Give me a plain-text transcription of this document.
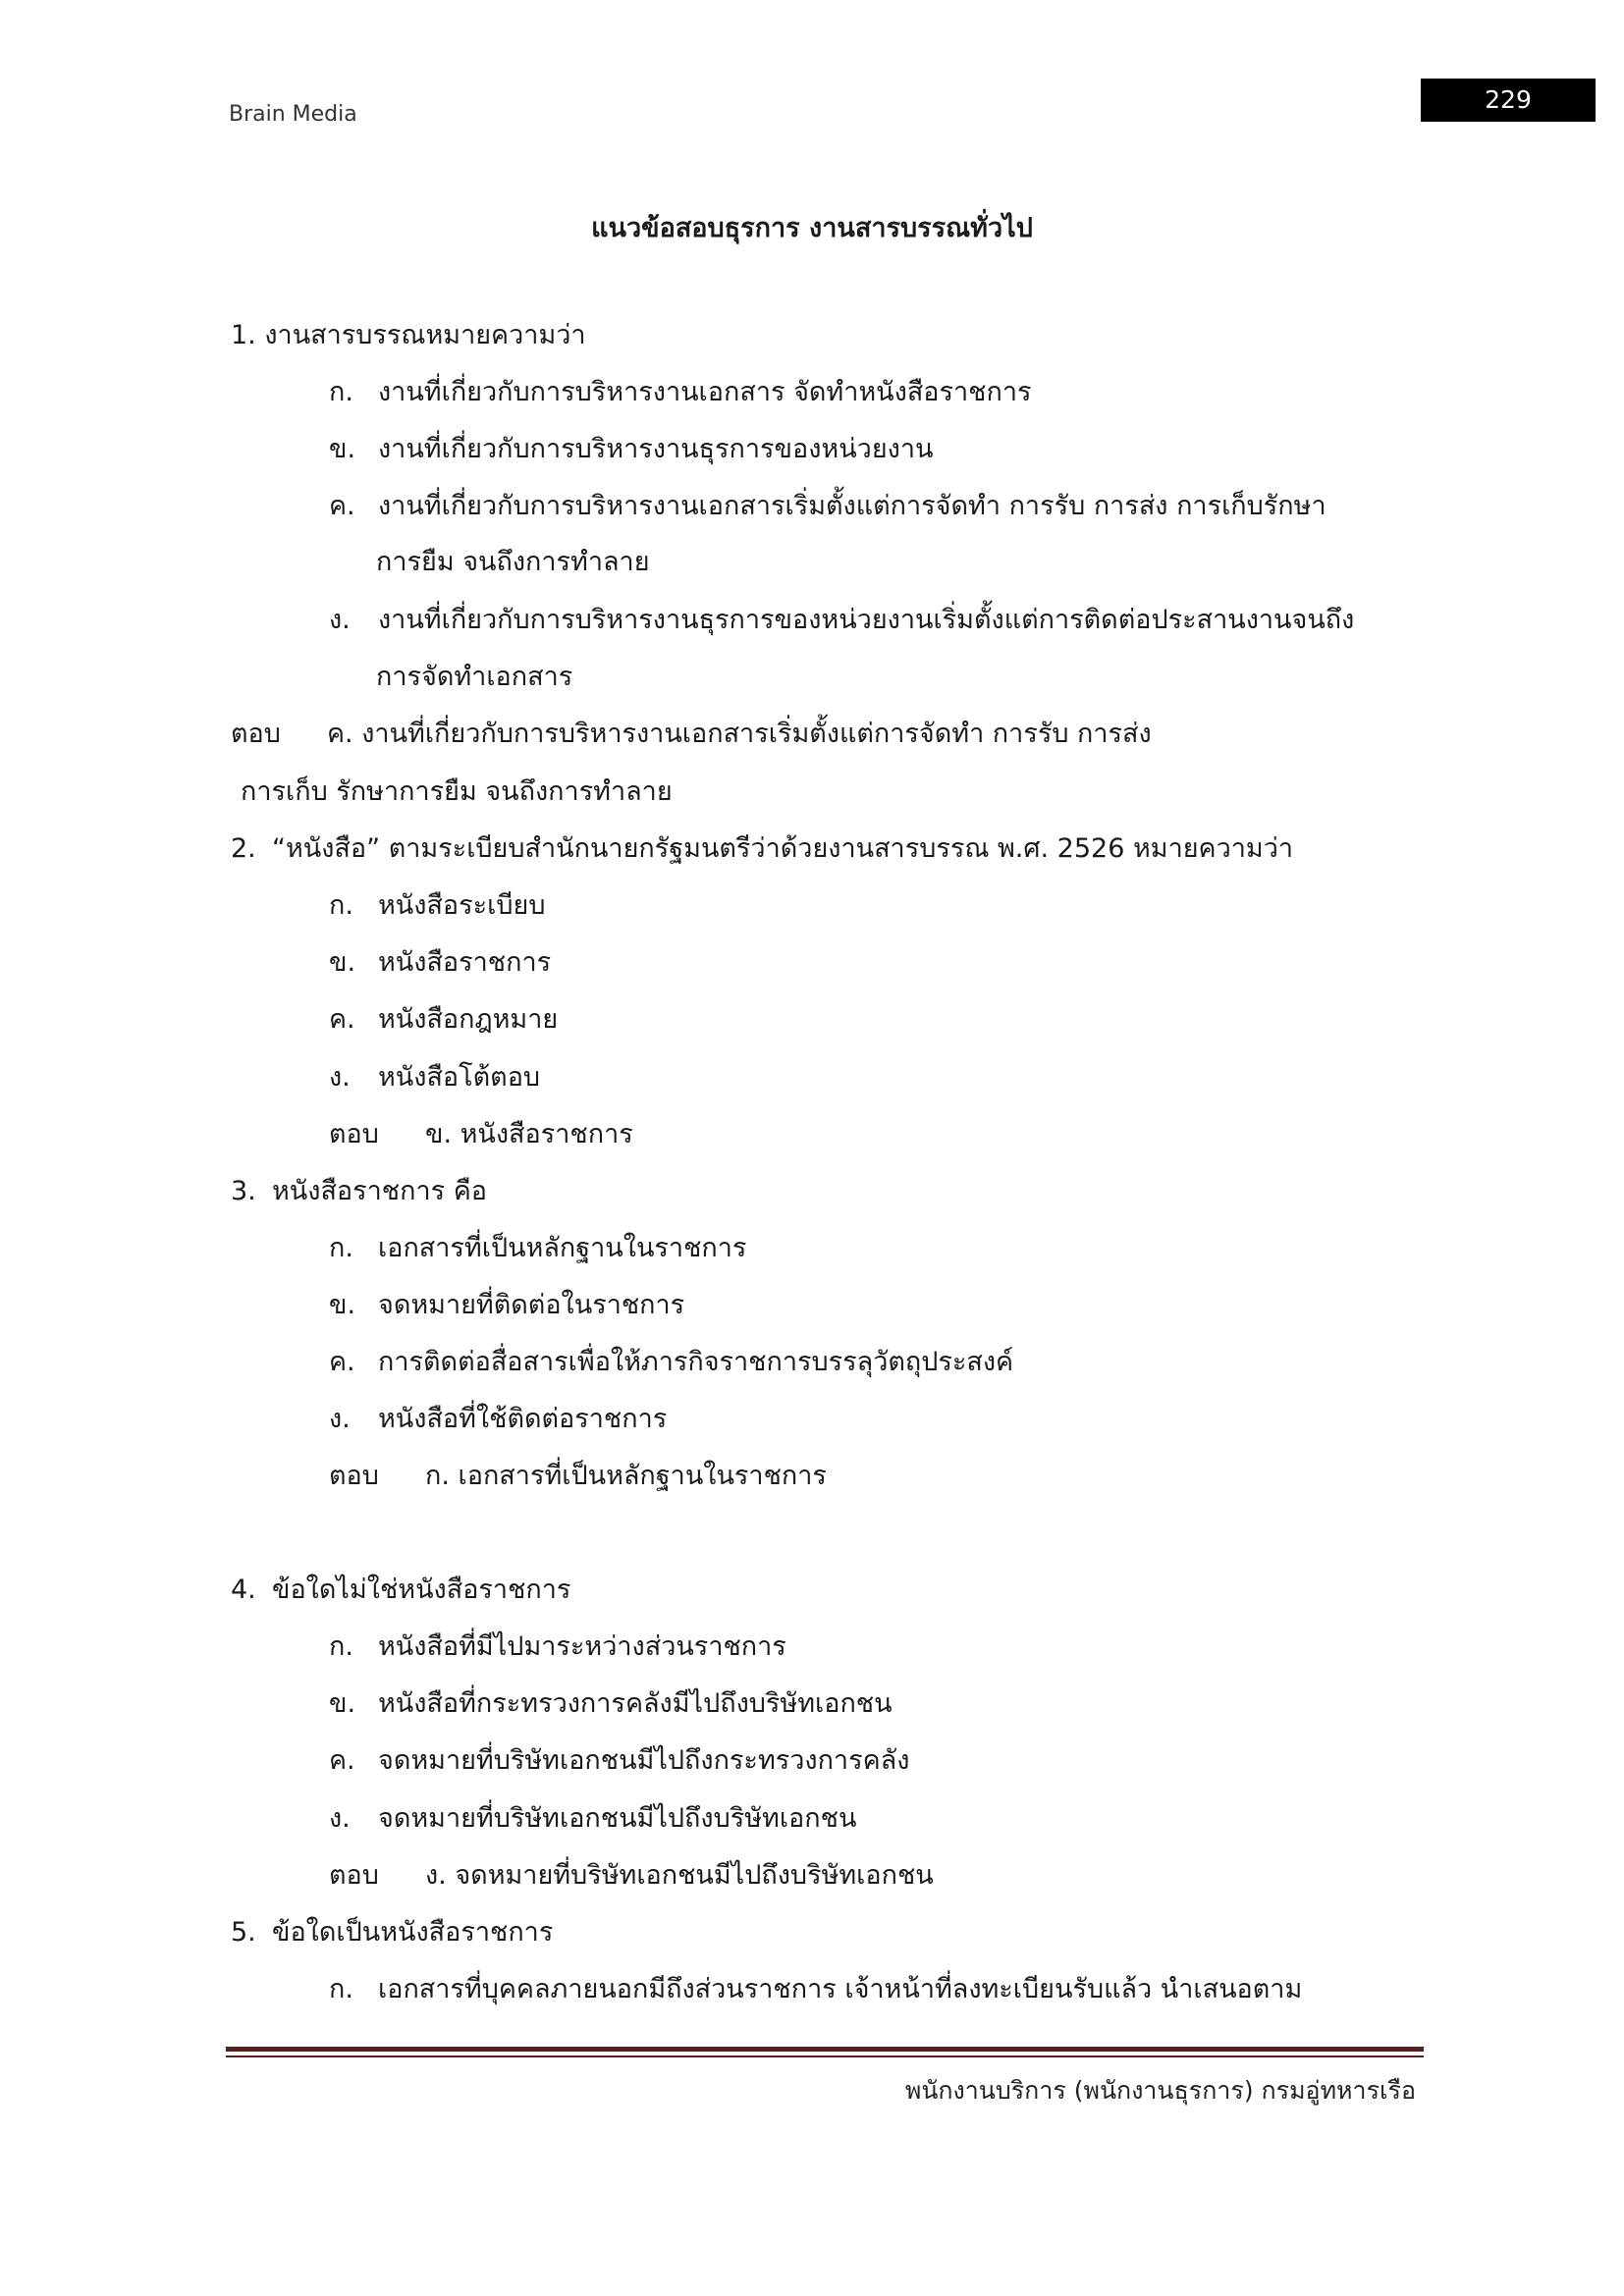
Brain Media
229
แนวข้อสอบธุรการ งานสารบรรณทั่วไป
1. งานสารบรรณหมายความว่า
ก. งานที่เกี่ยวกับการบริหารงานเอกสาร จัดทำหนังสือราชการ
ข. งานที่เกี่ยวกับการบริหารงานธุรการของหน่วยงาน
ค. งานที่เกี่ยวกับการบริหารงานเอกสารเริ่มตั้งแต่การจัดทำ การรับ การส่ง การเก็บรักษา
การยืม จนถึงการทำลาย
ง. งานที่เกี่ยวกับการบริหารงานธุรการของหน่วยงานเริ่มตั้งแต่การติดต่อประสานงานจนถึง
การจัดทำเอกสาร
ตอบ ค. งานที่เกี่ยวกับการบริหารงานเอกสารเริ่มตั้งแต่การจัดทำ การรับ การส่ง
การเก็บ รักษาการยืม จนถึงการทำลาย
2. “หนังสือ” ตามระเบียบสำนักนายกรัฐมนตรีว่าด้วยงานสารบรรณ พ.ศ. 2526 หมายความว่า
ก. หนังสือระเบียบ
ข. หนังสือราชการ
ค. หนังสือกฎหมาย
ง. หนังสือโต้ตอบ
ตอบ ข. หนังสือราชการ
3. หนังสือราชการ คือ
ก. เอกสารที่เป็นหลักฐานในราชการ
ข. จดหมายที่ติดต่อในราชการ
ค. การติดต่อสื่อสารเพื่อให้ภารกิจราชการบรรลุวัตถุประสงค์
ง. หนังสือที่ใช้ติดต่อราชการ
ตอบ ก. เอกสารที่เป็นหลักฐานในราชการ
4. ข้อใดไม่ใช่หนังสือราชการ
ก. หนังสือที่มีไปมาระหว่างส่วนราชการ
ข. หนังสือที่กระทรวงการคลังมีไปถึงบริษัทเอกชน
ค. จดหมายที่บริษัทเอกชนมีไปถึงกระทรวงการคลัง
ง. จดหมายที่บริษัทเอกชนมีไปถึงบริษัทเอกชน
ตอบ ง. จดหมายที่บริษัทเอกชนมีไปถึงบริษัทเอกชน
5. ข้อใดเป็นหนังสือราชการ
ก. เอกสารที่บุคคลภายนอกมีถึงส่วนราชการ เจ้าหน้าที่ลงทะเบียนรับแล้ว นำเสนอตาม
พนักงานบริการ (พนักงานธุรการ) กรมอู่ทหารเรือ
